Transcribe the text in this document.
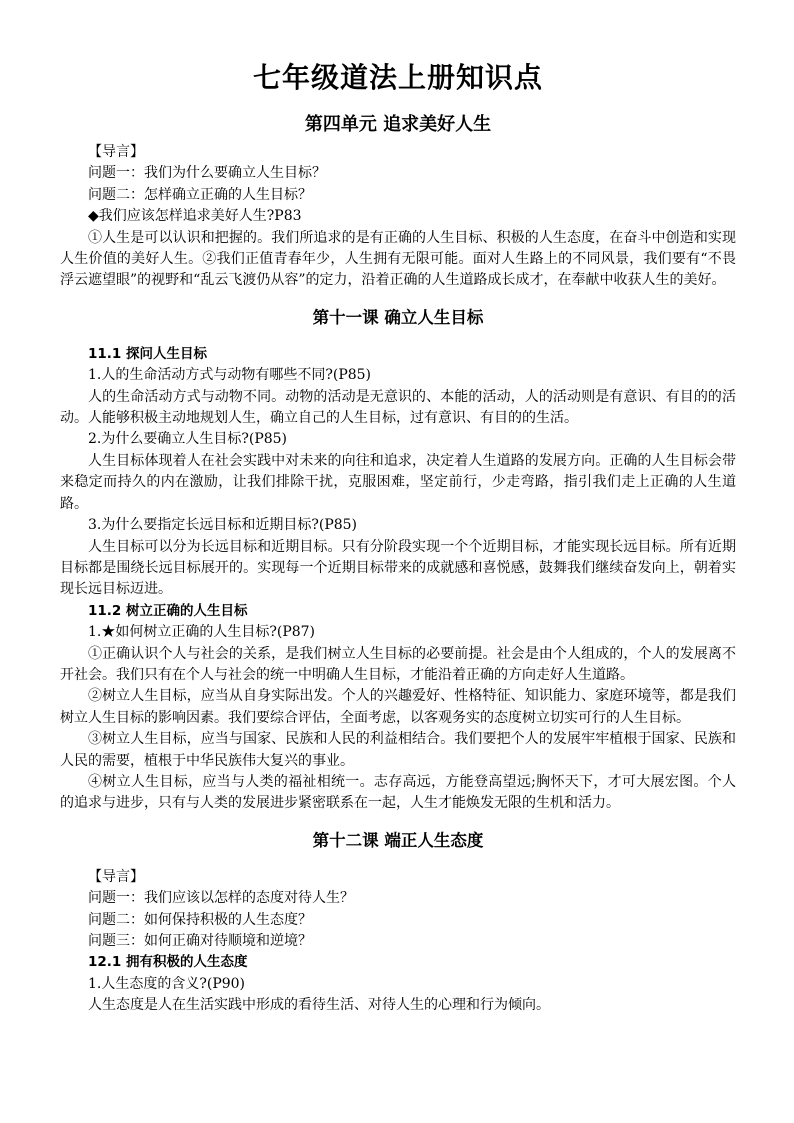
七年级道法上册知识点
第四单元 追求美好人生

【导言】

问题一：我们为什么要确立人生目标？

问题二：怎样确立正确的人生目标？

◆我们应该怎样追求美好人生?P83

①人生是可以认识和把握的。我们所追求的是有正确的人生目标、积极的人生态度，在奋斗中创造和实现人生价值的美好人生。②我们正值青春年少，人生拥有无限可能。面对人生路上的不同风景，我们要有“不畏浮云遮望眼”的视野和“乱云飞渡仍从容”的定力，沿着正确的人生道路成长成才，在奉献中收获人生的美好。

第十一课 确立人生目标

11.1 探问人生目标

1.人的生命活动方式与动物有哪些不同?(P85)

人的生命活动方式与动物不同。动物的活动是无意识的、本能的活动，人的活动则是有意识、有目的的活动。人能够积极主动地规划人生，确立自己的人生目标，过有意识、有目的的生活。

2.为什么要确立人生目标?(P85)

人生目标体现着人在社会实践中对未来的向往和追求，决定着人生道路的发展方向。正确的人生目标会带来稳定而持久的内在激励，让我们排除干扰，克服困难，坚定前行，少走弯路，指引我们走上正确的人生道路。

3.为什么要指定长远目标和近期目标?(P85)

人生目标可以分为长远目标和近期目标。只有分阶段实现一个个近期目标，才能实现长远目标。所有近期目标都是围绕长远目标展开的。实现每一个近期目标带来的成就感和喜悦感，鼓舞我们继续奋发向上，朝着实现长远目标迈进。

11.2 树立正确的人生目标

1.★如何树立正确的人生目标?(P87)

①正确认识个人与社会的关系，是我们树立人生目标的必要前提。社会是由个人组成的，个人的发展离不开社会。我们只有在个人与社会的统一中明确人生目标，才能沿着正确的方向走好人生道路。

②树立人生目标，应当从自身实际出发。个人的兴趣爱好、性格特征、知识能力、家庭环境等，都是我们树立人生目标的影响因素。我们要综合评估，全面考虑，以客观务实的态度树立切实可行的人生目标。

③树立人生目标，应当与国家、民族和人民的利益相结合。我们要把个人的发展牢牢植根于国家、民族和人民的需要，植根于中华民族伟大复兴的事业。

④树立人生目标，应当与人类的福祉相统一。志存高远，方能登高望远;胸怀天下，才可大展宏图。个人的追求与进步，只有与人类的发展进步紧密联系在一起，人生才能焕发无限的生机和活力。

第十二课 端正人生态度

【导言】

问题一：我们应该以怎样的态度对待人生？

问题二：如何保持积极的人生态度？

问题三：如何正确对待顺境和逆境？

12.1 拥有积极的人生态度

1.人生态度的含义?(P90)

人生态度是人在生活实践中形成的看待生活、对待人生的心理和行为倾向。
